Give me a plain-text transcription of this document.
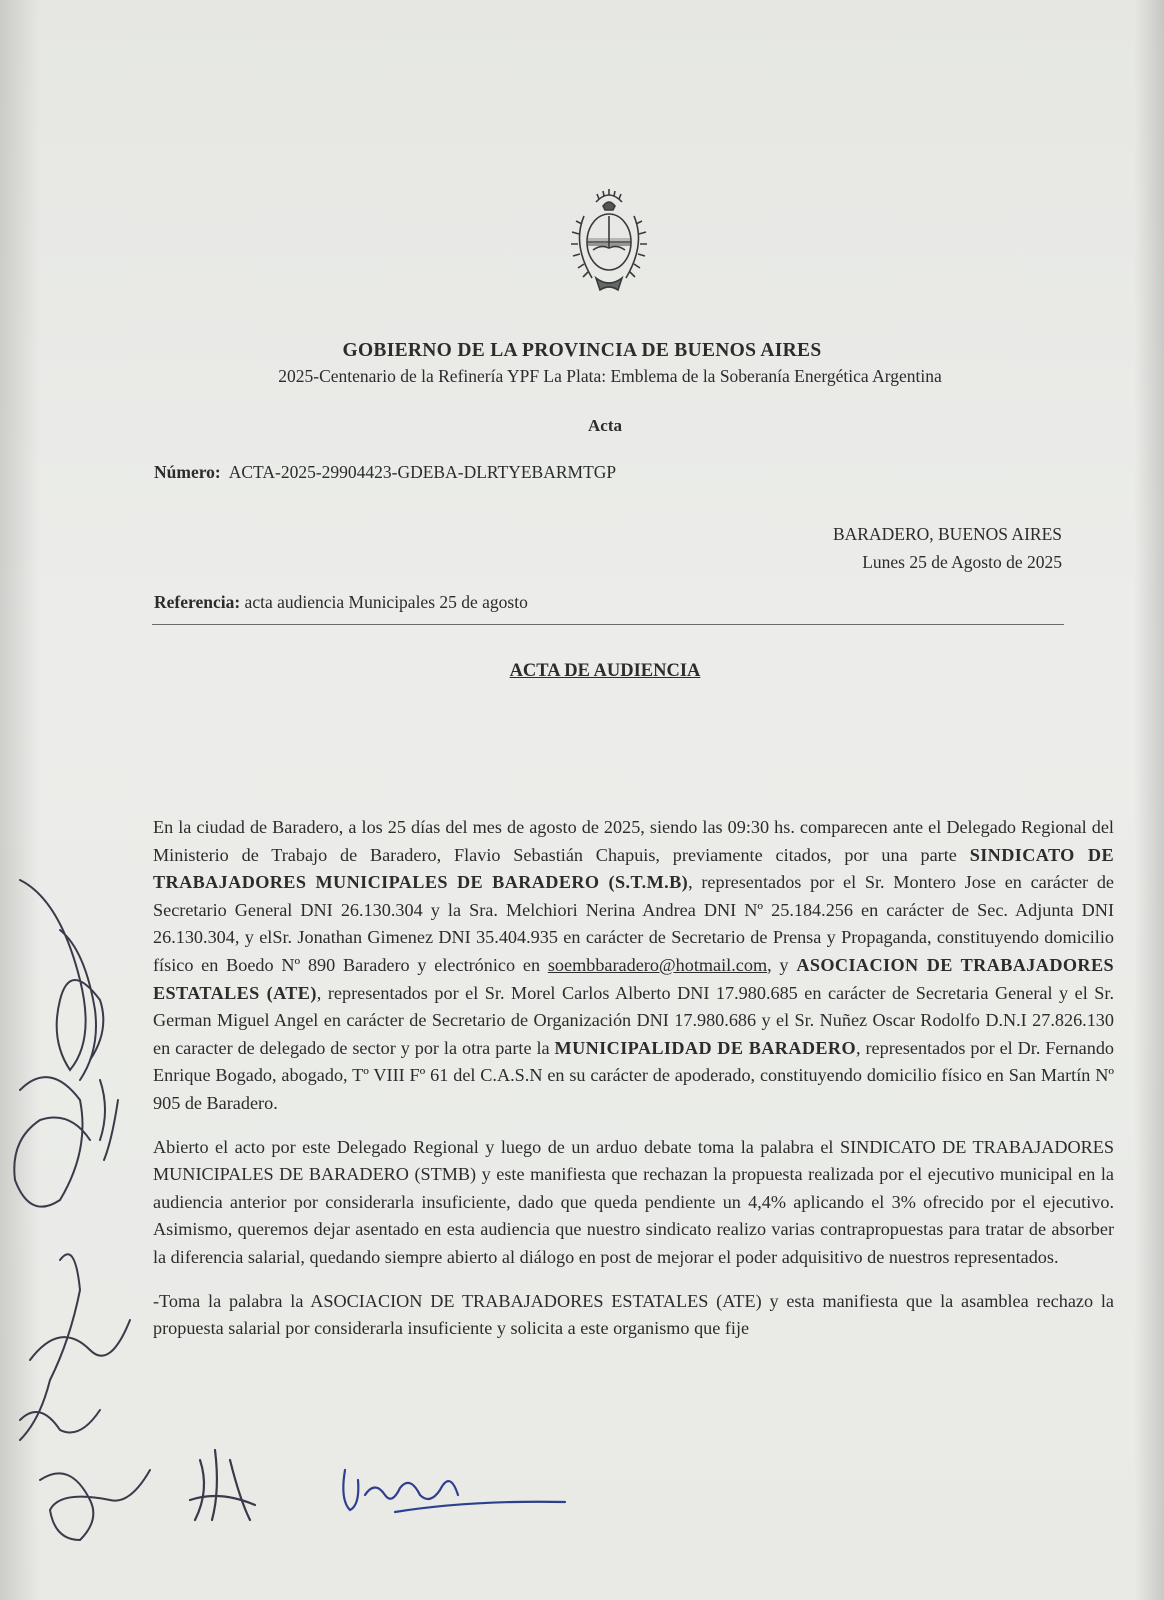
GOBIERNO DE LA PROVINCIA DE BUENOS AIRES
2025-Centenario de la Refinería YPF La Plata: Emblema de la Soberanía Energética Argentina
Acta
Número: ACTA-2025-29904423-GDEBA-DLRTYEBARMTGP
BARADERO, BUENOS AIRES
Lunes 25 de Agosto de 2025
Referencia: acta audiencia Municipales 25 de agosto
ACTA DE AUDIENCIA

En la ciudad de Baradero, a los 25 días del mes de agosto de 2025, siendo las 09:30 hs. comparecen ante el Delegado Regional del Ministerio de Trabajo de Baradero, Flavio Sebastián Chapuis, previamente citados, por una parte SINDICATO DE TRABAJADORES MUNICIPALES DE BARADERO (S.T.M.B), representados por el Sr. Montero Jose en carácter de Secretario General DNI 26.130.304 y la Sra. Melchiori Nerina Andrea DNI Nº 25.184.256 en carácter de Sec. Adjunta DNI 26.130.304, y elSr. Jonathan Gimenez DNI 35.404.935 en carácter de Secretario de Prensa y Propaganda, constituyendo domicilio físico en Boedo Nº 890 Baradero y electrónico en soembbaradero@hotmail.com, y ASOCIACION DE TRABAJADORES ESTATALES (ATE), representados por el Sr. Morel Carlos Alberto DNI 17.980.685 en carácter de Secretaria General y el Sr. German Miguel Angel en carácter de Secretario de Organización DNI 17.980.686 y el Sr. Nuñez Oscar Rodolfo D.N.I 27.826.130 en caracter de delegado de sector y por la otra parte la MUNICIPALIDAD DE BARADERO, representados por el Dr. Fernando Enrique Bogado, abogado, Tº VIII Fº 61 del C.A.S.N en su carácter de apoderado, constituyendo domicilio físico en San Martín Nº 905 de Baradero.

Abierto el acto por este Delegado Regional y luego de un arduo debate toma la palabra el SINDICATO DE TRABAJADORES MUNICIPALES DE BARADERO (STMB) y este manifiesta que rechazan la propuesta realizada por el ejecutivo municipal en la audiencia anterior por considerarla insuficiente, dado que queda pendiente un 4,4% aplicando el 3% ofrecido por el ejecutivo. Asimismo, queremos dejar asentado en esta audiencia que nuestro sindicato realizo varias contrapropuestas para tratar de absorber la diferencia salarial, quedando siempre abierto al diálogo en post de mejorar el poder adquisitivo de nuestros representados.

-Toma la palabra la ASOCIACION DE TRABAJADORES ESTATALES (ATE) y esta manifiesta que la asamblea rechazo la propuesta salarial por considerarla insuficiente y solicita a este organismo que fije
